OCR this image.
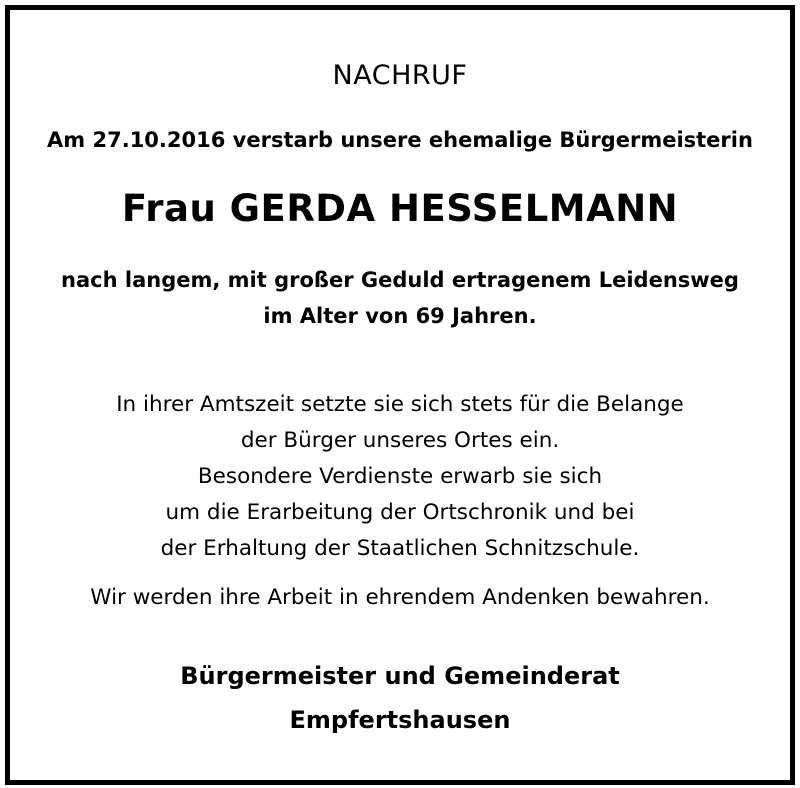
NACHRUF
Am 27.10.2016 verstarb unsere ehemalige Bürgermeisterin
Frau GERDA HESSELMANN
nach langem, mit großer Geduld ertragenem Leidensweg
im Alter von 69 Jahren.
In ihrer Amtszeit setzte sie sich stets für die Belange
der Bürger unseres Ortes ein.
Besondere Verdienste erwarb sie sich
um die Erarbeitung der Ortschronik und bei
der Erhaltung der Staatlichen Schnitzschule.
Wir werden ihre Arbeit in ehrendem Andenken bewahren.
Bürgermeister und Gemeinderat
Empfertshausen
